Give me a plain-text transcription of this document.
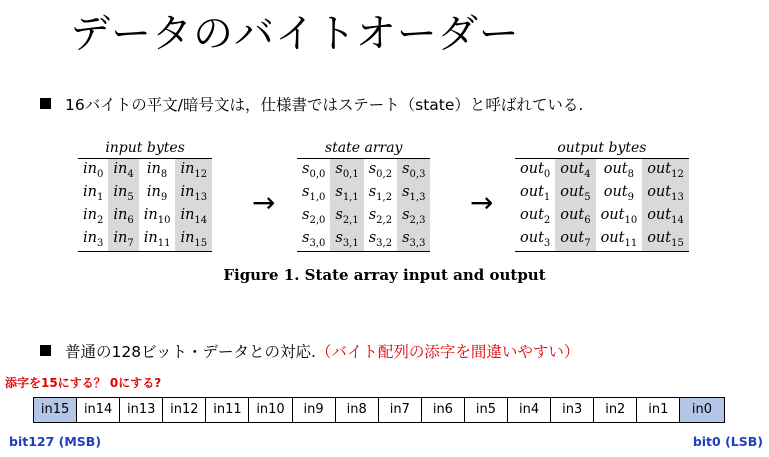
データのバイトオーダー
16バイトの平文/暗号文は，仕様書ではステート（state）と呼ばれている.
input bytes
$in_0$	$in_4$	$in_8$	$in_{12}$
$in_1$	$in_5$	$in_9$	$in_{13}$
$in_2$	$in_6$	$in_{10}$	$in_{14}$
$in_3$	$in_7$	$in_{11}$	$in_{15}$
→
state array
$s_{0,0}$	$s_{0,1}$	$s_{0,2}$	$s_{0,3}$
$s_{1,0}$	$s_{1,1}$	$s_{1,2}$	$s_{1,3}$
$s_{2,0}$	$s_{2,1}$	$s_{2,2}$	$s_{2,3}$
$s_{3,0}$	$s_{3,1}$	$s_{3,2}$	$s_{3,3}$
→
output bytes
out$_0$	out$_4$	out$_8$	out$_{12}$
out$_1$	out$_5$	out$_9$	out$_{13}$
out$_2$	out$_6$	out$_{10}$	out$_{14}$
out$_3$	out$_7$	out$_{11}$	out$_{15}$
Figure 1. State array input and output
普通の128ビット・データとの対応.（バイト配列の添字を間違いやすい）
添字を15にする？ 0にする?
in15	in14	in13	in12	in11	in10	in9	in8	in7	in6	in5	in4	in3	in2	in1	in0
bit127 (MSB)	bit0 (LSB)
